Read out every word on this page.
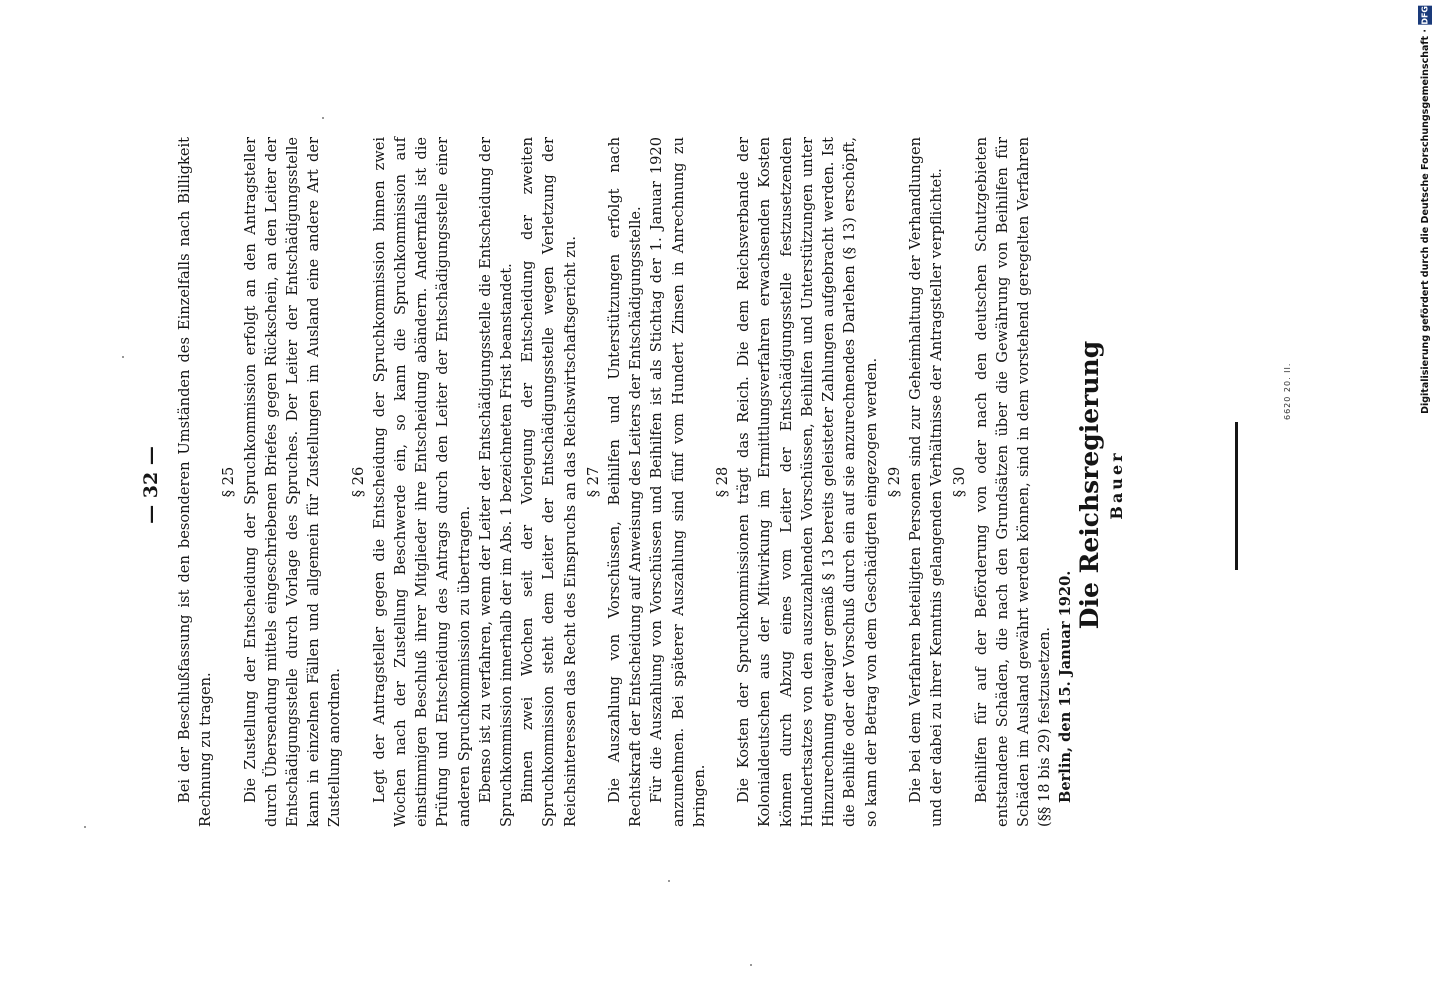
— 32 — Bei der Beschlußfassung ist den besonderen Umständen des Einzelfalls nach Billigkeit Rechnung zu tragen.

§ 25 Die Zustellung der Entscheidung der Spruchkommission erfolgt an den Antragsteller durch Übersendung mittels eingeschriebenen Briefes gegen Rückschein, an den Leiter der Entschädigungsstelle durch Vorlage des Spruches. Der Leiter der Entschädigungsstelle kann in einzelnen Fällen und allgemein für Zustellungen im Ausland eine andere Art der Zustellung anordnen.

§ 26 Legt der Antragsteller gegen die Entscheidung der Spruchkommission binnen zwei Wochen nach der Zustellung Beschwerde ein, so kann die Spruchkommission auf einstimmigen Beschluß ihrer Mitglieder ihre Entscheidung abändern. Andernfalls ist die Prüfung und Entscheidung des Antrags durch den Leiter der Entschädigungsstelle einer anderen Spruchkommission zu übertragen. Ebenso ist zu verfahren, wenn der Leiter der Entschädigungsstelle die Entscheidung der Spruchkommission innerhalb der im Abs. 1 bezeichneten Frist beanstandet. Binnen zwei Wochen seit der Vorlegung der Entscheidung der zweiten Spruchkommission steht dem Leiter der Entschädigungsstelle wegen Verletzung der Reichsinteressen das Recht des Einspruchs an das Reichswirtschaftsgericht zu. § 27 Die Auszahlung von Vorschüssen, Beihilfen und Unterstützungen erfolgt nach Rechtskraft der Entscheidung auf Anweisung des Leiters der Entschädigungsstelle. Für die Auszahlung von Vorschüssen und Beihilfen ist als Stichtag der 1. Januar 1920 anzunehmen. Bei späterer Auszahlung sind fünf vom Hundert Zinsen in Anrechnung zu bringen.

§ 28 Die Kosten der Spruchkommissionen trägt das Reich. Die dem Reichsverbande der Kolonialdeutschen aus der Mitwirkung im Ermittlungsverfahren erwachsenden Kosten können durch Abzug eines vom Leiter der Entschädigungsstelle festzusetzenden Hundertsatzes von den auszuzahlenden Vorschüssen, Beihilfen und Unterstützungen unter Hinzurechnung etwaiger gemäß § 13 bereits geleisteter Zahlungen aufgebracht werden. Ist die Beihilfe oder der Vorschuß durch ein auf sie anzurechnendes Darlehen (§ 13) erschöpft, so kann der Betrag von dem Geschädigten eingezogen werden. § 29 Die bei dem Verfahren beteiligten Personen sind zur Geheimhaltung der Verhandlungen und der dabei zu ihrer Kenntnis gelangenden Verhältnisse der Antragsteller verpflichtet. § 30 Beihilfen für auf der Beförderung von oder nach den deutschen Schutzgebieten entstandene Schäden, die nach den Grundsätzen über die Gewährung von Beihilfen für Schäden im Ausland gewährt werden können, sind in dem vorstehend geregelten Verfahren (§§ 18 bis 29) festzusetzen. Berlin, den 15. Januar 1920.

Die Reichsregierung Bauer
6620 20. II.
DFG
Digitalisierung gefördert durch die Deutsche Forschungsgemeinschaft ·
